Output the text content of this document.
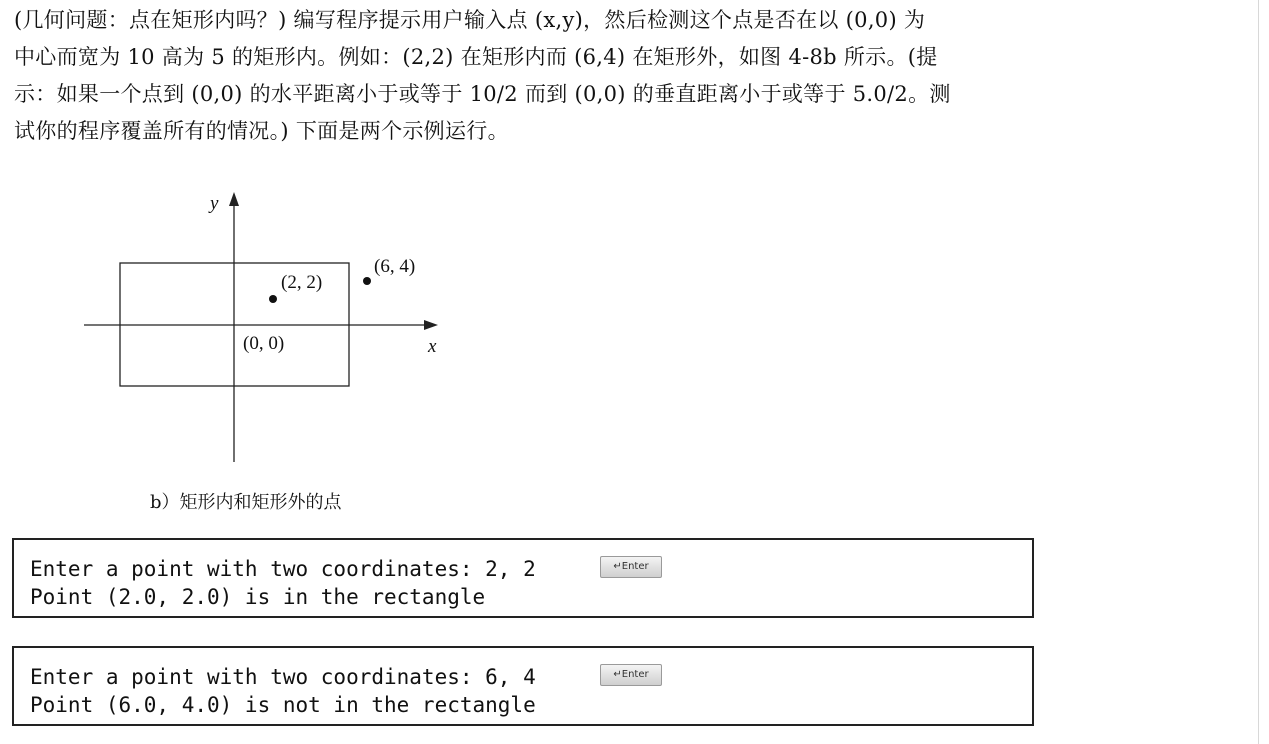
(几何问题：点在矩形内吗？) 编写程序提示用户输入点 (x,y)，然后检测这个点是否在以 (0,0) 为

中心而宽为 10 高为 5 的矩形内。例如：(2,2) 在矩形内而 (6,4) 在矩形外，如图 4-8b 所示。(提

示：如果一个点到 (0,0) 的水平距离小于或等于 10/2 而到 (0,0) 的垂直距离小于或等于 5.0/2。测

试你的程序覆盖所有的情况。) 下面是两个示例运行。

y
x
(0, 0)
(2, 2)
(6, 4)
b）矩形内和矩形外的点
Enter a point with two coordinates: 2, 2	↵Enter
Point (2.0, 2.0) is in the rectangle
Enter a point with two coordinates: 6, 4	↵Enter
Point (6.0, 4.0) is not in the rectangle
